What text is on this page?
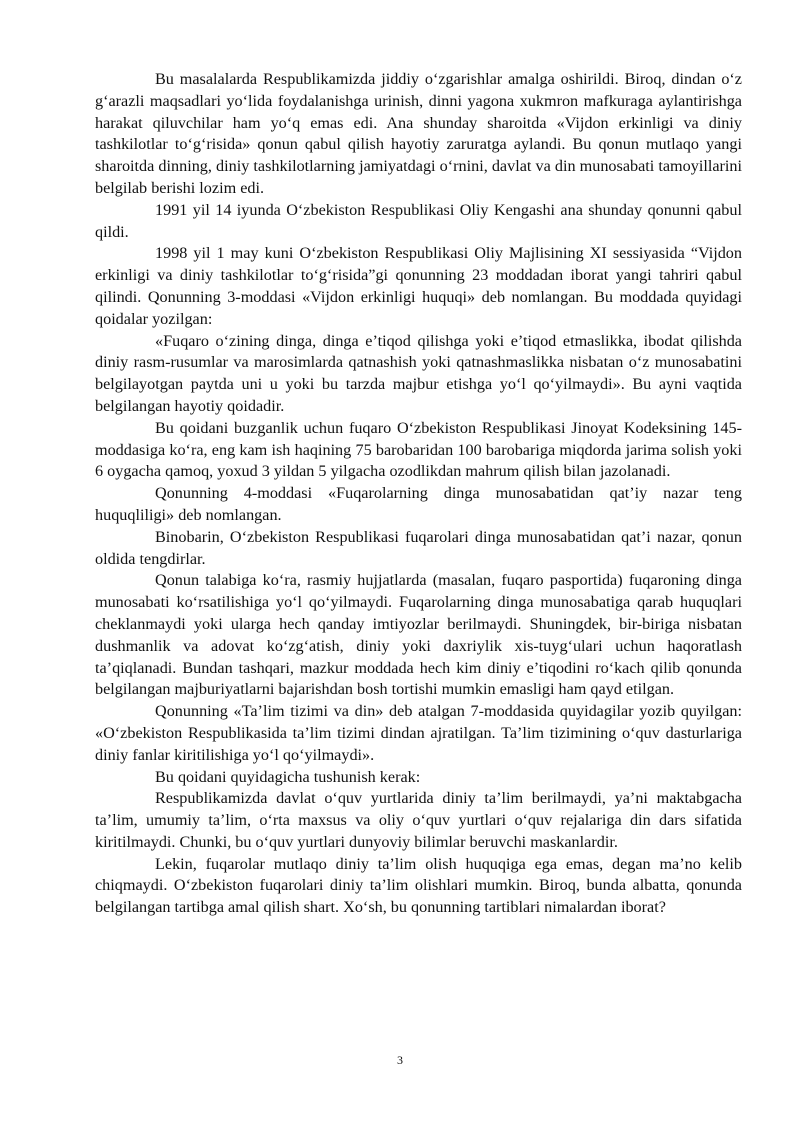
Bu masalalarda Respublikamizda jiddiy o‘zgarishlar amalga oshirildi. Biroq, dindan o‘z g‘arazli maqsadlari yo‘lida foydalanishga urinish, dinni yagona xukmron mafkuraga aylantirishga harakat qiluvchilar ham yo‘q emas edi. Ana shunday sharoitda «Vijdon erkinligi va diniy tashkilotlar to‘g‘risida» qonun qabul qilish hayotiy zaruratga aylandi. Bu qonun mutlaqo yangi sharoitda dinning, diniy tashkilotlarning jamiyatdagi o‘rnini, davlat va din munosabati tamoyillarini belgilab berishi lozim edi.

1991 yil 14 iyunda O‘zbekiston Respublikasi Oliy Kengashi ana shunday qonunni qabul qildi.

1998 yil 1 may kuni O‘zbekiston Respublikasi Oliy Majlisining XI sessiyasida “Vijdon erkinligi va diniy tashkilotlar to‘g‘risida”gi qonunning 23 moddadan iborat yangi tahriri qabul qilindi. Qonunning 3-moddasi «Vijdon erkinligi huquqi» deb nomlangan. Bu moddada quyidagi qoidalar yozilgan:

«Fuqaro o‘zining dinga, dinga e’tiqod qilishga yoki e’tiqod etmaslikka, ibodat qilishda diniy rasm-rusumlar va marosimlarda qatnashish yoki qatnashmaslikka nisbatan o‘z munosabatini belgilayotgan paytda uni u yoki bu tarzda majbur etishga yo‘l qo‘yilmaydi». Bu ayni vaqtida belgilangan hayotiy qoidadir.

Bu qoidani buzganlik uchun fuqaro O‘zbekiston Respublikasi Jinoyat Kodeksining 145-moddasiga ko‘ra, eng kam ish haqining 75 barobaridan 100 barobariga miqdorda jarima solish yoki 6 oygacha qamoq, yoxud 3 yildan 5 yilgacha ozodlikdan mahrum qilish bilan jazolanadi.

Qonunning 4-moddasi «Fuqarolarning dinga munosabatidan qat’iy nazar teng huquqliligi» deb nomlangan.

Binobarin, O‘zbekiston Respublikasi fuqarolari dinga munosabatidan qat’i nazar, qonun oldida tengdirlar.

Qonun talabiga ko‘ra, rasmiy hujjatlarda (masalan, fuqaro pasportida) fuqaroning dinga munosabati ko‘rsatilishiga yo‘l qo‘yilmaydi. Fuqarolarning dinga munosabatiga qarab huquqlari cheklanmaydi yoki ularga hech qanday imtiyozlar berilmaydi. Shuningdek, bir-biriga nisbatan dushmanlik va adovat ko‘zg‘atish, diniy yoki daxriylik xis-tuyg‘ulari uchun haqoratlash ta’qiqlanadi. Bundan tashqari, mazkur moddada hech kim diniy e’tiqodini ro‘kach qilib qonunda belgilangan majburiyatlarni bajarishdan bosh tortishi mumkin emasligi ham qayd etilgan.

Qonunning «Ta’lim tizimi va din» deb atalgan 7-moddasida quyidagilar yozib quyilgan: «O‘zbekiston Respublikasida ta’lim tizimi dindan ajratilgan. Ta’lim tizimining o‘quv dasturlariga diniy fanlar kiritilishiga yo‘l qo‘yilmaydi».

Bu qoidani quyidagicha tushunish kerak:

Respublikamizda davlat o‘quv yurtlarida diniy ta’lim berilmaydi, ya’ni maktabgacha ta’lim, umumiy ta’lim, o‘rta maxsus va oliy o‘quv yurtlari o‘quv rejalariga din dars sifatida kiritilmaydi. Chunki, bu o‘quv yurtlari dunyoviy bilimlar beruvchi maskanlardir.

Lekin, fuqarolar mutlaqo diniy ta’lim olish huquqiga ega emas, degan ma’no kelib chiqmaydi. O‘zbekiston fuqarolari diniy ta’lim olishlari mumkin. Biroq, bunda albatta, qonunda belgilangan tartibga amal qilish shart. Xo‘sh, bu qonunning tartiblari nimalardan iborat?

3
